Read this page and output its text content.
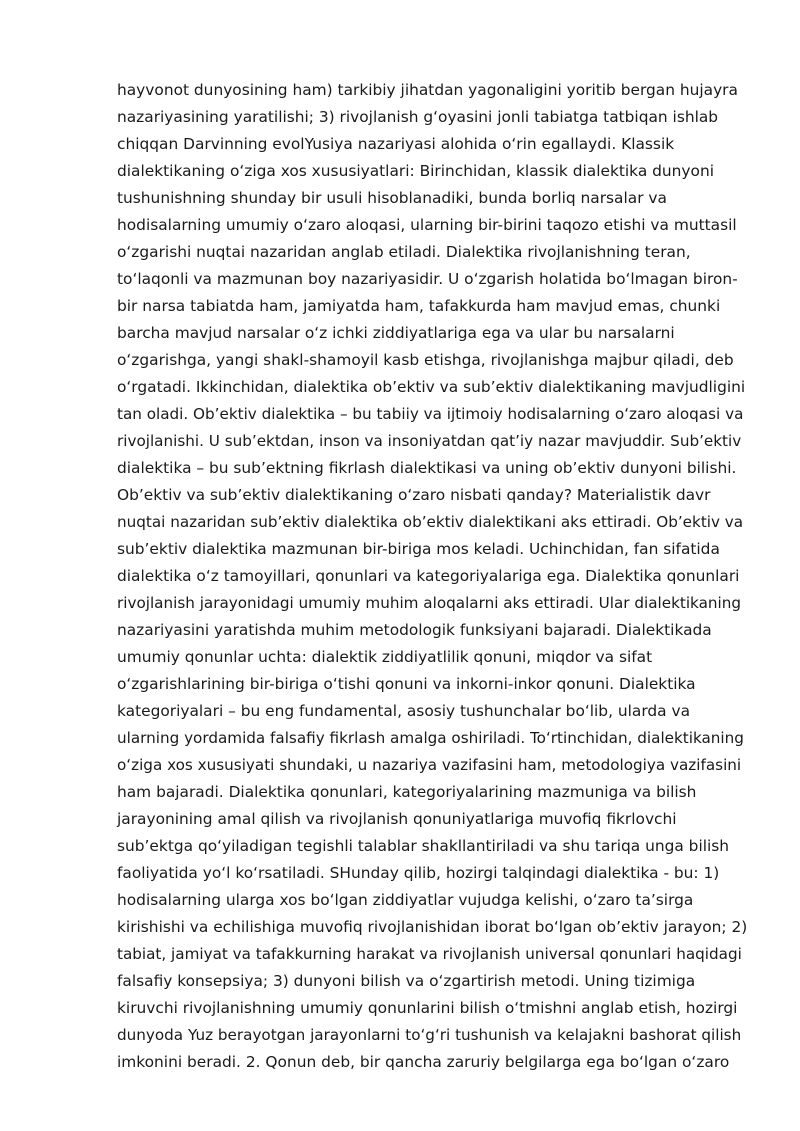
hayvonot dunyosining ham) tarkibiy jihatdan yagonaligini yoritib bergan hujayra
nazariyasining yaratilishi; 3) rivojlanish gʻoyasini jonli tabiatga tatbiqan ishlab
chiqqan Darvinning evolYusiya nazariyasi alohida oʻrin egallaydi. Klassik
dialektikaning oʻziga xos xususiyatlari: Birinchidan, klassik dialektika dunyoni
tushunishning shunday bir usuli hisoblanadiki, bunda borliq narsalar va
hodisalarning umumiy oʻzaro aloqasi, ularning bir-birini taqozo etishi va muttasil
oʻzgarishi nuqtai nazaridan anglab etiladi. Dialektika rivojlanishning teran,
toʻlaqonli va mazmunan boy nazariyasidir. U oʻzgarish holatida boʻlmagan biron-
bir narsa tabiatda ham, jamiyatda ham, tafakkurda ham mavjud emas, chunki
barcha mavjud narsalar oʻz ichki ziddiyatlariga ega va ular bu narsalarni
oʻzgarishga, yangi shakl-shamoyil kasb etishga, rivojlanishga majbur qiladi, deb
oʻrgatadi. Ikkinchidan, dialektika obʼektiv va subʼektiv dialektikaning mavjudligini
tan oladi. Obʼektiv dialektika – bu tabiiy va ijtimoiy hodisalarning oʻzaro aloqasi va
rivojlanishi. U subʼektdan, inson va insoniyatdan qatʼiy nazar mavjuddir. Subʼektiv
dialektika – bu subʼektning fikrlash dialektikasi va uning obʼektiv dunyoni bilishi.
Obʼektiv va subʼektiv dialektikaning oʻzaro nisbati qanday? Materialistik davr
nuqtai nazaridan subʼektiv dialektika obʼektiv dialektikani aks ettiradi. Obʼektiv va
subʼektiv dialektika mazmunan bir-biriga mos keladi. Uchinchidan, fan sifatida
dialektika oʻz tamoyillari, qonunlari va kategoriyalariga ega. Dialektika qonunlari
rivojlanish jarayonidagi umumiy muhim aloqalarni aks ettiradi. Ular dialektikaning
nazariyasini yaratishda muhim metodologik funksiyani bajaradi. Dialektikada
umumiy qonunlar uchta: dialektik ziddiyatlilik qonuni, miqdor va sifat
oʻzgarishlarining bir-biriga oʻtishi qonuni va inkorni-inkor qonuni. Dialektika
kategoriyalari – bu eng fundamental, asosiy tushunchalar boʻlib, ularda va
ularning yordamida falsafiy fikrlash amalga oshiriladi. Toʻrtinchidan, dialektikaning
oʻziga xos xususiyati shundaki, u nazariya vazifasini ham, metodologiya vazifasini
ham bajaradi. Dialektika qonunlari, kategoriyalarining mazmuniga va bilish
jarayonining amal qilish va rivojlanish qonuniyatlariga muvofiq fikrlovchi
subʼektga qoʻyiladigan tegishli talablar shakllantiriladi va shu tariqa unga bilish
faoliyatida yoʻl koʻrsatiladi. SHunday qilib, hozirgi talqindagi dialektika - bu: 1)
hodisalarning ularga xos boʻlgan ziddiyatlar vujudga kelishi, oʻzaro taʼsirga
kirishishi va echilishiga muvofiq rivojlanishidan iborat boʻlgan obʼektiv jarayon; 2)
tabiat, jamiyat va tafakkurning harakat va rivojlanish universal qonunlari haqidagi
falsafiy konsepsiya; 3) dunyoni bilish va oʻzgartirish metodi. Uning tizimiga
kiruvchi rivojlanishning umumiy qonunlarini bilish oʻtmishni anglab etish, hozirgi
dunyoda Yuz berayotgan jarayonlarni toʻgʻri tushunish va kelajakni bashorat qilish
imkonini beradi. 2. Qonun deb, bir qancha zaruriy belgilarga ega boʻlgan oʻzaro
